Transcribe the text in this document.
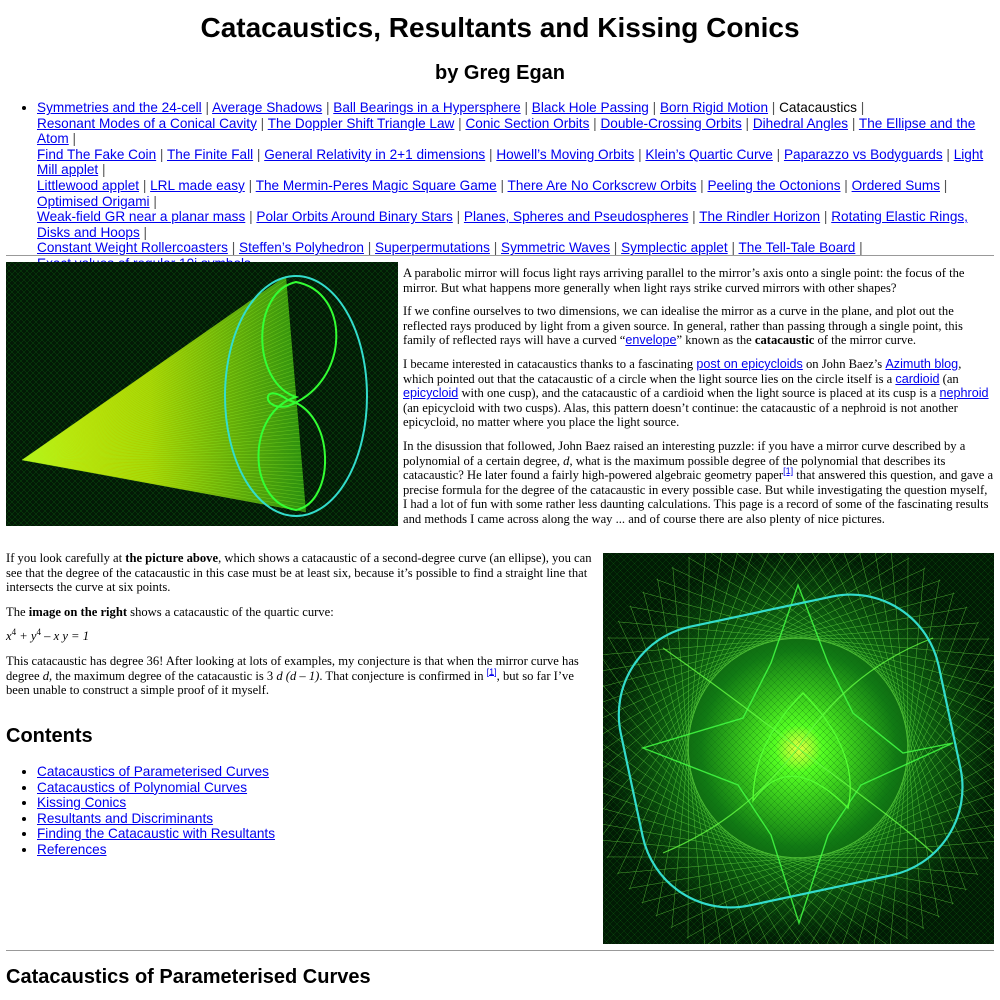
Catacaustics, Resultants and Kissing Conics
by Greg Egan
• Symmetries and the 24-cell | Average Shadows | Ball Bearings in a Hypersphere | Black Hole Passing | Born Rigid Motion | Catacaustics |
Resonant Modes of a Conical Cavity | The Doppler Shift Triangle Law | Conic Section Orbits | Double-Crossing Orbits | Dihedral Angles | The Ellipse and the Atom |
Find The Fake Coin | The Finite Fall | General Relativity in 2+1 dimensions | Howell’s Moving Orbits | Klein’s Quartic Curve | Paparazzo vs Bodyguards | Light Mill applet |
Littlewood applet | LRL made easy | The Mermin-Peres Magic Square Game | There Are No Corkscrew Orbits | Peeling the Octonions | Ordered Sums | Optimised Origami |
Weak-field GR near a planar mass | Polar Orbits Around Binary Stars | Planes, Spheres and Pseudospheres | The Rindler Horizon | Rotating Elastic Rings, Disks and Hoops |
Constant Weight Rollercoasters | Steffen’s Polyhedron | Superpermutations | Symmetric Waves | Symplectic applet | The Tell-Tale Board |

•
•

A parabolic mirror will focus light rays arriving parallel to the mirror’s axis onto a single point: the focus of the mirror. But what happens more generally when light rays strike curved mirrors with other shapes?

If we confine ourselves to two dimensions, we can idealise the mirror as a curve in the plane, and plot out the reflected rays produced by light from a given source. In general, rather than passing through a single point, this family of reflected rays will have a curved “envelope” known as the catacaustic of the mirror curve.

I became interested in catacaustics thanks to a fascinating post on epicycloids on John Baez’s Azimuth blog, which pointed out that the catacaustic of a circle when the light source lies on the circle itself is a cardioid (an epicycloid with one cusp), and the catacaustic of a cardioid when the light source is placed at its cusp is a nephroid (an epicycloid with two cusps). Alas, this pattern doesn’t continue: the catacaustic of a nephroid is not another epicycloid, no matter where you place the light source.

In the disussion that followed, John Baez raised an interesting puzzle: if you have a mirror curve described by a polynomial of a certain degree, d, what is the maximum possible degree of the polynomial that describes its catacaustic? He later found a fairly high-powered algebraic geometry paper[1] that answered this question, and gave a precise formula for the degree of the catacaustic in every possible case. But while investigating the question myself, I had a lot of fun with some rather less daunting calculations. This page is a record of some of the fascinating results and methods I came across along the way ... and of course there are also plenty of nice pictures.

If you look carefully at the picture above, which shows a catacaustic of a second-degree curve (an ellipse), you can see that the degree of the catacaustic in this case must be at least six, because it’s possible to find a straight line that intersects the curve at six points.

The image on the right shows a catacaustic of the quartic curve:

$x^4 + y^4 - x$ y = 1

This catacaustic has degree 36! After looking at lots of examples, my conjecture is that when the mirror curve has degree d, the maximum degree of the catacaustic is 3 d (d – 1). That conjecture is confirmed in [1], but so far I’ve been unable to construct a simple proof of it myself.

Contents
• Catacaustics of Parameterised Curves
• Catacaustics of Polynomial Curves
• Kissing Conics
• Resultants and Discriminants
• Finding the Catacaustic with Resultants
• References
Catacaustics of Parameterised Curves
